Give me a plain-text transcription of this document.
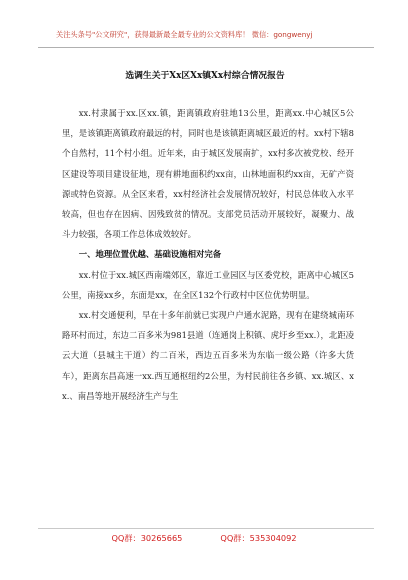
关注头条号"公文研究"，获得最新最全最专业的公文资料库！ 微信：gongwenyj
选调生关于Xx区Xx镇Xx村综合情况报告

xx.村隶属于xx.区xx.镇，距离镇政府驻地13公里，距离xx.中心城区5公里，是该镇距离镇政府最远的村，同时也是该镇距离城区最近的村。xx村下辖8个自然村，11个村小组。近年来，由于城区发展南扩，xx村多次被党校、经开区建设等项目建设征地，现有耕地面积约xx亩，山林地面积约xx亩，无矿产资源或特色资源。从全区来看，xx村经济社会发展情况较好，村民总体收入水平较高，但也存在因病、因残致贫的情况。支部党员活动开展较好，凝聚力、战斗力较强，各项工作总体成效较好。

一、地理位置优越、基础设施相对完备

xx.村位于xx.城区西南端郊区，靠近工业园区与区委党校，距离中心城区5公里，南接xx乡，东面是xx，在全区132个行政村中区位优势明显。

xx.村交通便利，早在十多年前就已实现户户通水泥路，现有在建绕城南环路环村而过，东边二百多米为981县道（连通岗上积镇、虎圩乡至xx.），北距凌云大道（县城主干道）约二百米，西边五百多米为东临一级公路（许多大货车），距离东昌高速一xx.西互通枢纽约2公里，为村民前往各乡镇、xx.城区、xx.、南昌等地开展经济生产与生

QQ群：30265665	QQ群：535304092
